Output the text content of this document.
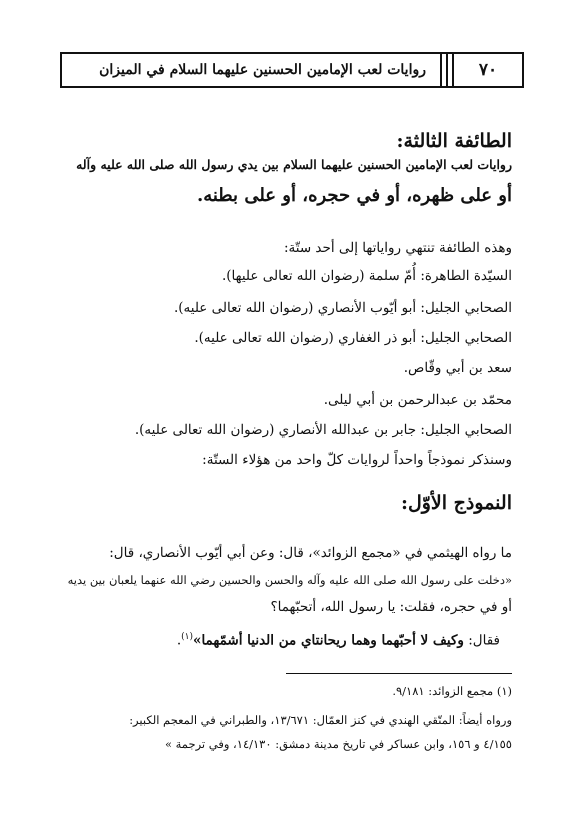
٧٠
روايات لعب الإمامين الحسنين عليهما السلام في الميزان
الطائفة الثالثة:
روايات لعب الإمامين الحسنين عليهما السلام بين يدي رسول الله صلى الله عليه وآله
أو على ظهره، أو في حجره، أو على بطنه.
وهذه الطائفة تنتهي رواياتها إلى أحد ستّة:
السيّدة الطاهرة: أُمّ سلمة (رضوان الله تعالى عليها).
الصحابي الجليل: أبو أيّوب الأنصاري (رضوان الله تعالى عليه).
الصحابي الجليل: أبو ذر الغفاري (رضوان الله تعالى عليه).
سعد بن أبي وقّاص.
محمّد بن عبدالرحمن بن أبي ليلى.
الصحابي الجليل: جابر بن عبدالله الأنصاري (رضوان الله تعالى عليه).
وسنذكر نموذجاً واحداً لروايات كلّ واحد من هؤلاء الستّة:
النموذج الأوّل:
ما رواه الهيثمي في «مجمع الزوائد»، قال: وعن أبي أيّوب الأنصاري، قال:
«دخلت على رسول الله صلى الله عليه وآله والحسن والحسين رضي الله عنهما يلعبان بين يديه
أو في حجره، فقلت: يا رسول الله، أتحبّهما؟
فقال: وكيف لا أحبّهما وهما ريحانتاي من الدنيا أشمّهما»$^{(١)}$.
(١) مجمع الزوائد: ٩/١٨١.
ورواه أيضاً: المتّقي الهندي في كنز العمّال: ١٣/٦٧١، والطبراني في المعجم الكبير:
٤/١٥٥ و ١٥٦، وابن عساكر في تاريخ مدينة دمشق: ١٤/١٣٠، وفي ترجمة »
